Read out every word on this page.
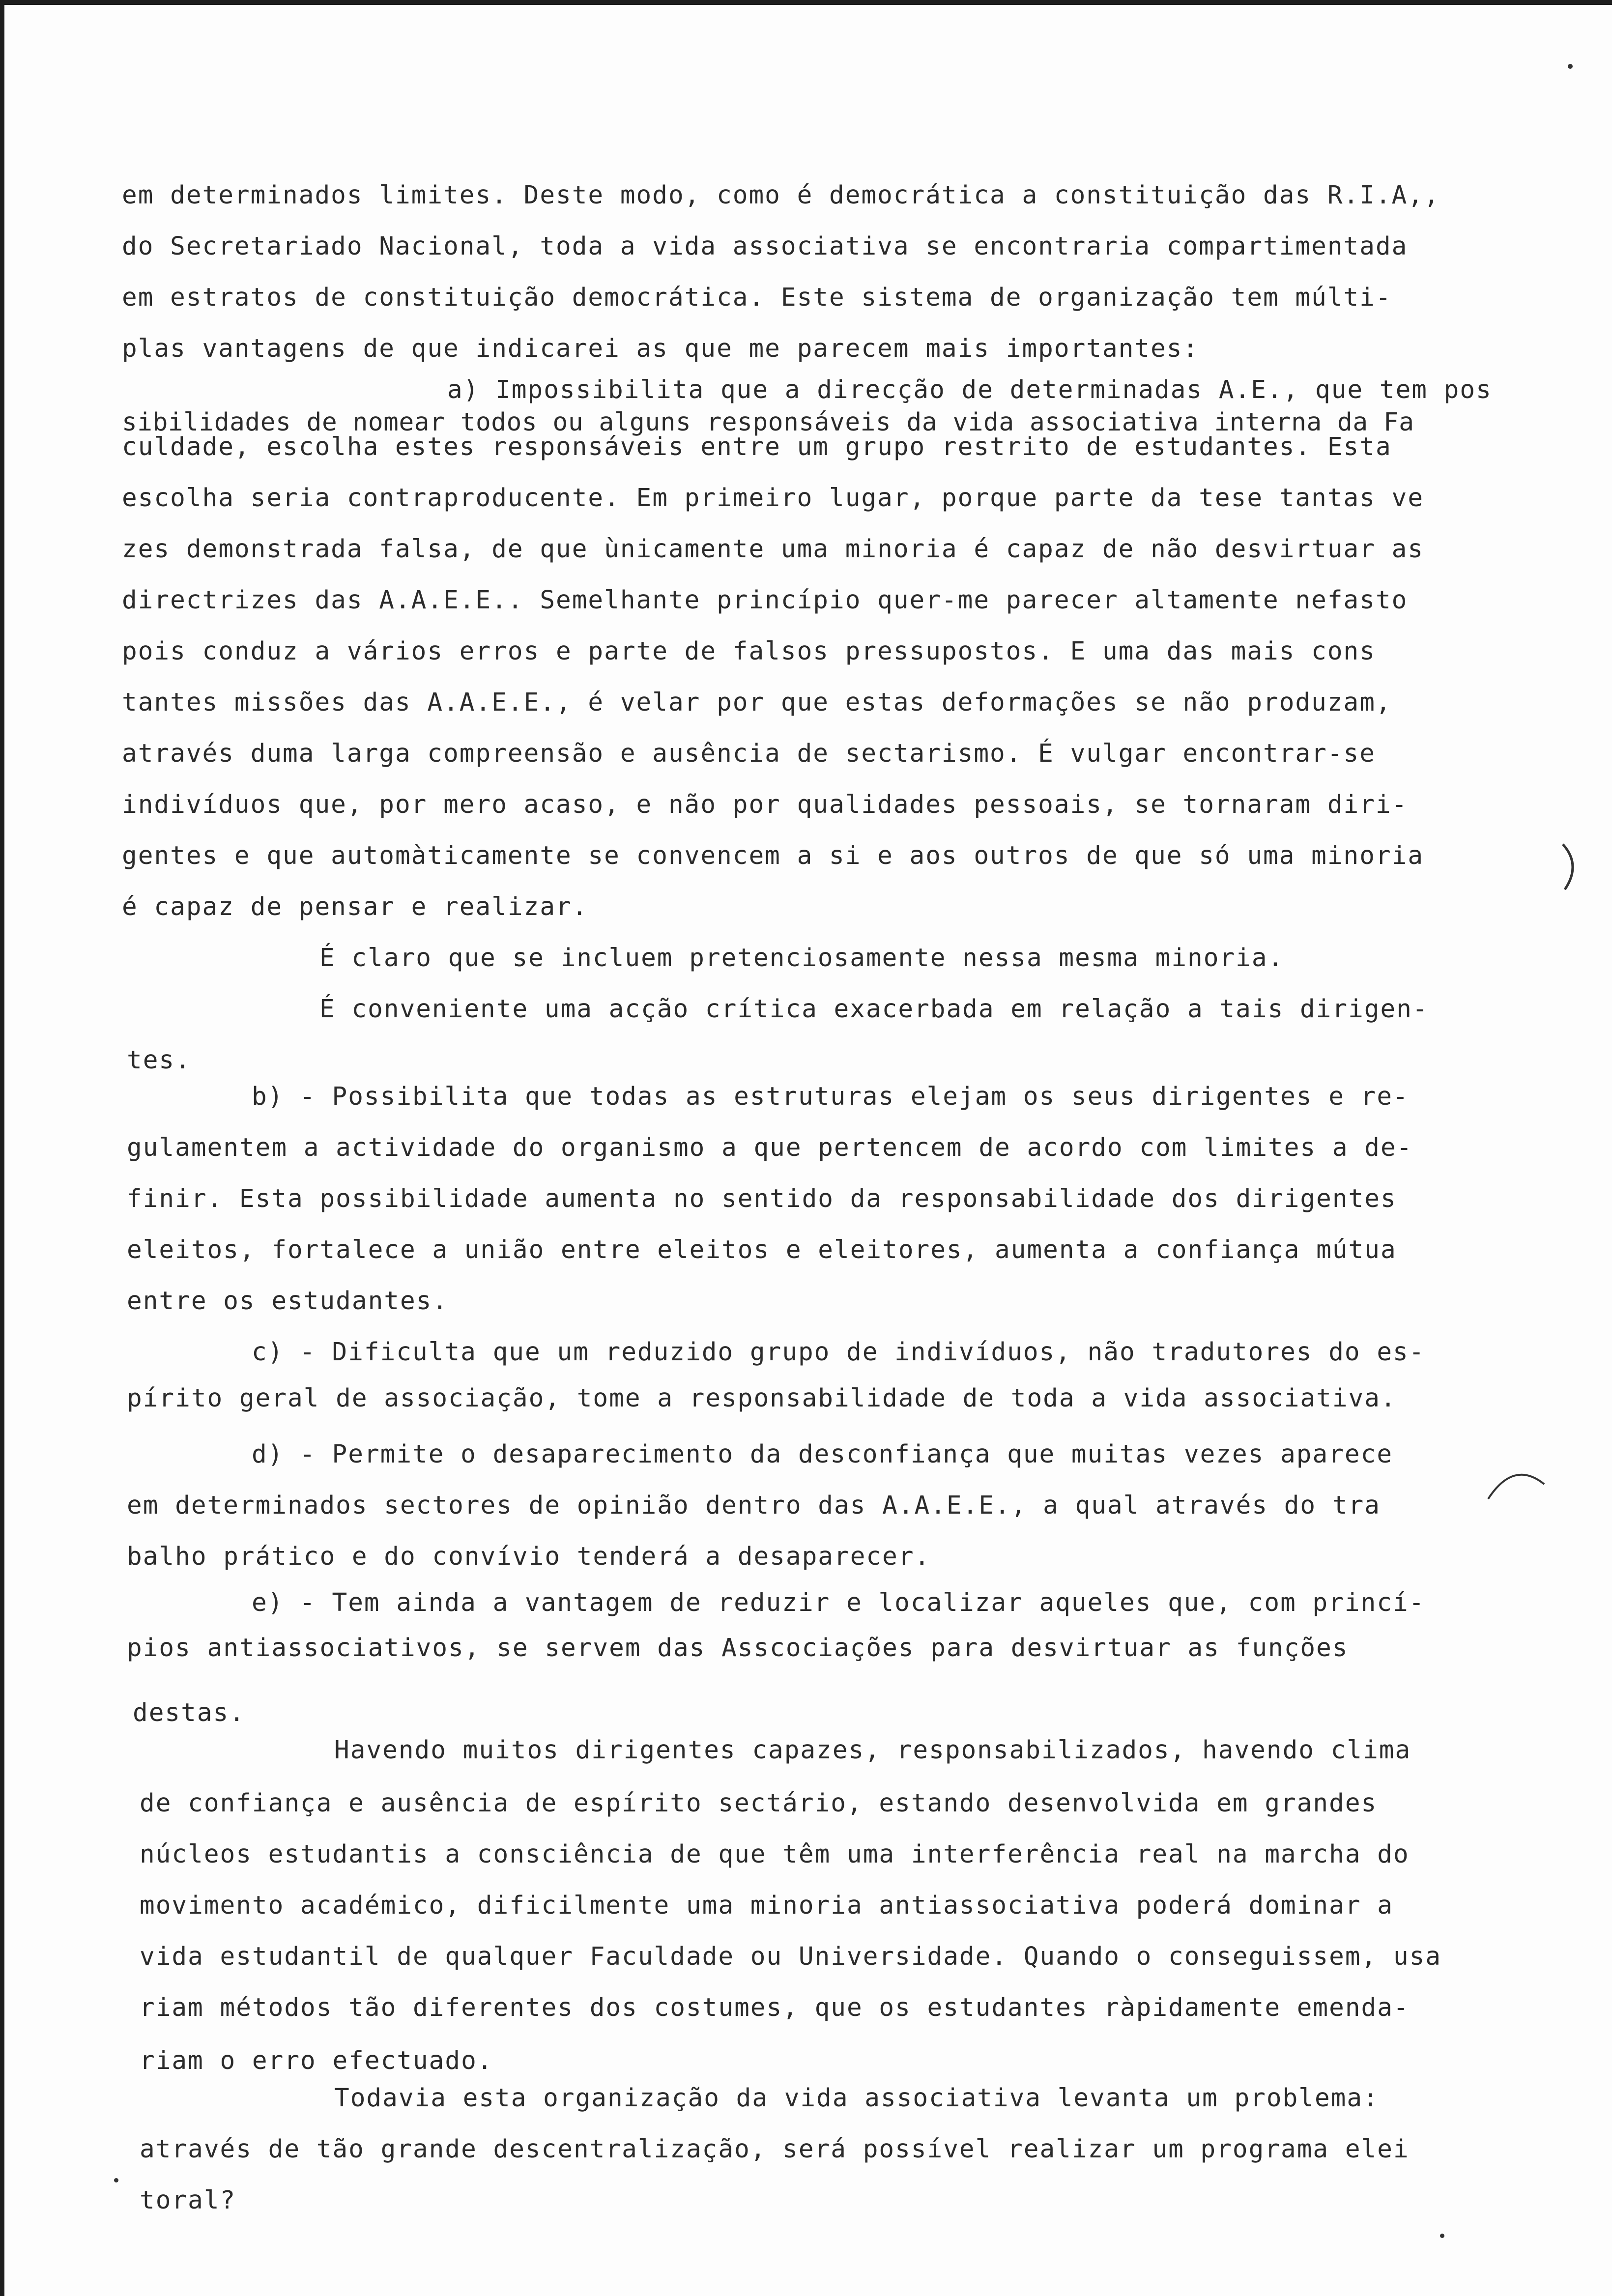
em determinados limites. Deste modo, como é democrática a constituição das R.I.A,,
do Secretariado Nacional, toda a vida associativa se encontraria compartimentada
em estratos de constituição democrática. Este sistema de organização tem múlti-
plas vantagens de que indicarei as que me parecem mais importantes:
a) Impossibilita que a direcção de determinadas A.E., que tem pos
sibilidades de nomear todos ou alguns responsáveis da vida associativa interna da Fa
culdade, escolha estes responsáveis entre um grupo restrito de estudantes. Esta
escolha seria contraproducente. Em primeiro lugar, porque parte da tese tantas ve
zes demonstrada falsa, de que ùnicamente uma minoria é capaz de não desvirtuar as
directrizes das A.A.E.E.. Semelhante princípio quer-me parecer altamente nefasto
pois conduz a vários erros e parte de falsos pressupostos. E uma das mais cons
tantes missões das A.A.E.E., é velar por que estas deformações se não produzam,
através duma larga compreensão e ausência de sectarismo. É vulgar encontrar-se
indivíduos que, por mero acaso, e não por qualidades pessoais, se tornaram diri-
gentes e que automàticamente se convencem a si e aos outros de que só uma minoria
é capaz de pensar e realizar.
É claro que se incluem pretenciosamente nessa mesma minoria.
É conveniente uma acção crítica exacerbada em relação a tais dirigen-
tes.
b) - Possibilita que todas as estruturas elejam os seus dirigentes e re-
gulamentem a actividade do organismo a que pertencem de acordo com limites a de-
finir. Esta possibilidade aumenta no sentido da responsabilidade dos dirigentes
eleitos, fortalece a união entre eleitos e eleitores, aumenta a confiança mútua
entre os estudantes.
c) - Dificulta que um reduzido grupo de indivíduos, não tradutores do es-
pírito geral de associação, tome a responsabilidade de toda a vida associativa.
d) - Permite o desaparecimento da desconfiança que muitas vezes aparece
em determinados sectores de opinião dentro das A.A.E.E., a qual através do tra
balho prático e do convívio tenderá a desaparecer.
e) - Tem ainda a vantagem de reduzir e localizar aqueles que, com princí-
pios antiassociativos, se servem das Asscociações para desvirtuar as funções
destas.
Havendo muitos dirigentes capazes, responsabilizados, havendo clima
de confiança e ausência de espírito sectário, estando desenvolvida em grandes
núcleos estudantis a consciência de que têm uma interferência real na marcha do
movimento académico, dificilmente uma minoria antiassociativa poderá dominar a
vida estudantil de qualquer Faculdade ou Universidade. Quando o conseguissem, usa
riam métodos tão diferentes dos costumes, que os estudantes ràpidamente emenda-
riam o erro efectuado.
Todavia esta organização da vida associativa levanta um problema:
através de tão grande descentralização, será possível realizar um programa elei
toral?
